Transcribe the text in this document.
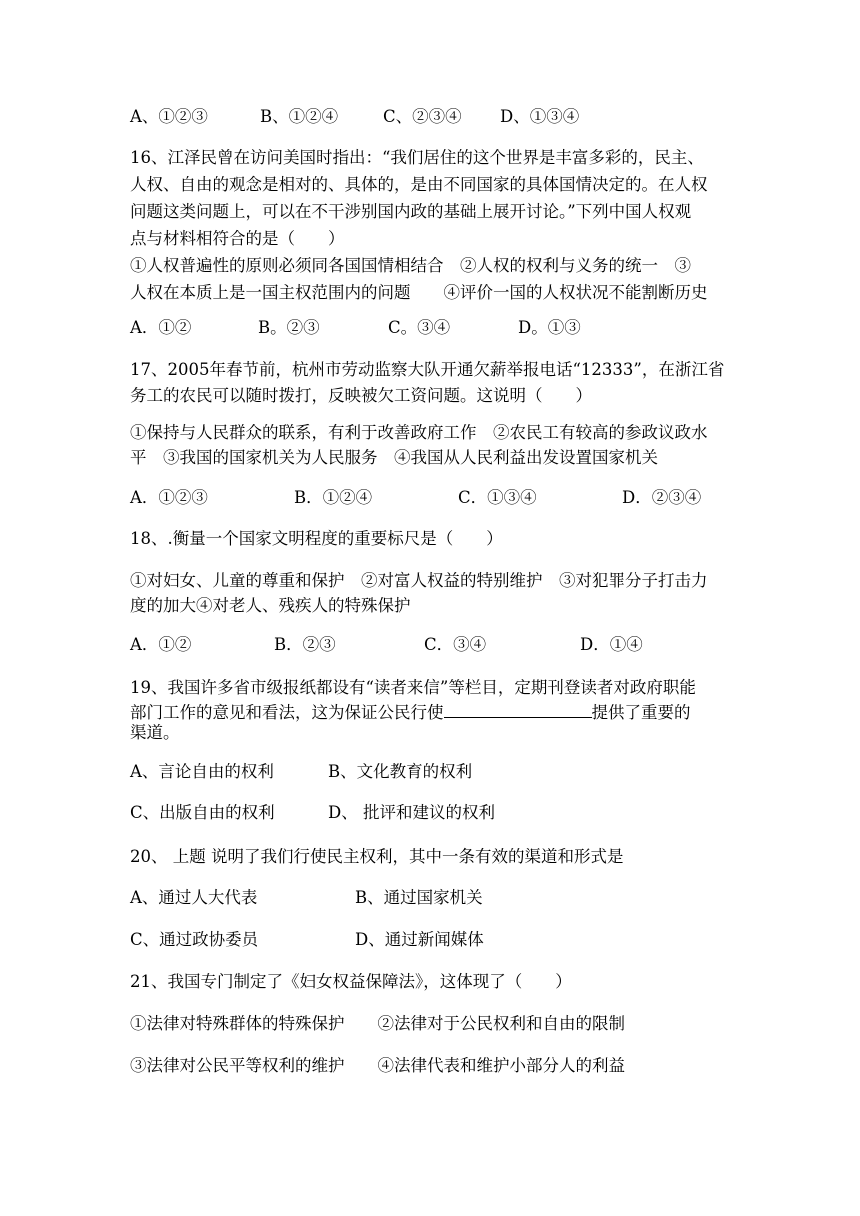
A、①②③	B、①②④	C、②③④ D、①③④
16、江泽民曾在访问美国时指出：“我们居住的这个世界是丰富多彩的，民主、
人权、自由的观念是相对的、具体的，是由不同国家的具体国情决定的。在人权
问题这类问题上，可以在不干涉别国内政的基础上展开讨论。”下列中国人权观
点与材料相符合的是（　　）
①人权普遍性的原则必须同各国国情相结合　②人权的权利与义务的统一　③
人权在本质上是一国主权范围内的问题　　④评价一国的人权状况不能割断历史
A．①②	B。②③	C。③④	D。①③
17、2005年春节前，杭州市劳动监察大队开通欠薪举报电话“12333”，在浙江省
务工的农民可以随时拨打，反映被欠工资问题。这说明（　　）
①保持与人民群众的联系，有利于改善政府工作　②农民工有较高的参政议政水
平　③我国的国家机关为人民服务　④我国从人民利益出发设置国家机关
A．①②③	B．①②④	C．①③④	D．②③④
18、.衡量一个国家文明程度的重要标尺是（　　）
①对妇女、儿童的尊重和保护　②对富人权益的特别维护　③对犯罪分子打击力
度的加大④对老人、残疾人的特殊保护
A．①②	B．②③	C．③④	D．①④
19、我国许多省市级报纸都设有“读者来信”等栏目，定期刊登读者对政府职能
部门工作的意见和看法，这为保证公民行使	提供了重要的
渠道。
A、言论自由的权利	B、文化教育的权利
C、出版自由的权利	D、 批评和建议的权利
20、 上题 说明了我们行使民主权利，其中一条有效的渠道和形式是
A、通过人大代表	B、通过国家机关
C、通过政协委员	D、通过新闻媒体
21、我国专门制定了《妇女权益保障法》，这体现了（　　）
①法律对特殊群体的特殊保护　　②法律对于公民权利和自由的限制
③法律对公民平等权利的维护　　④法律代表和维护小部分人的利益
